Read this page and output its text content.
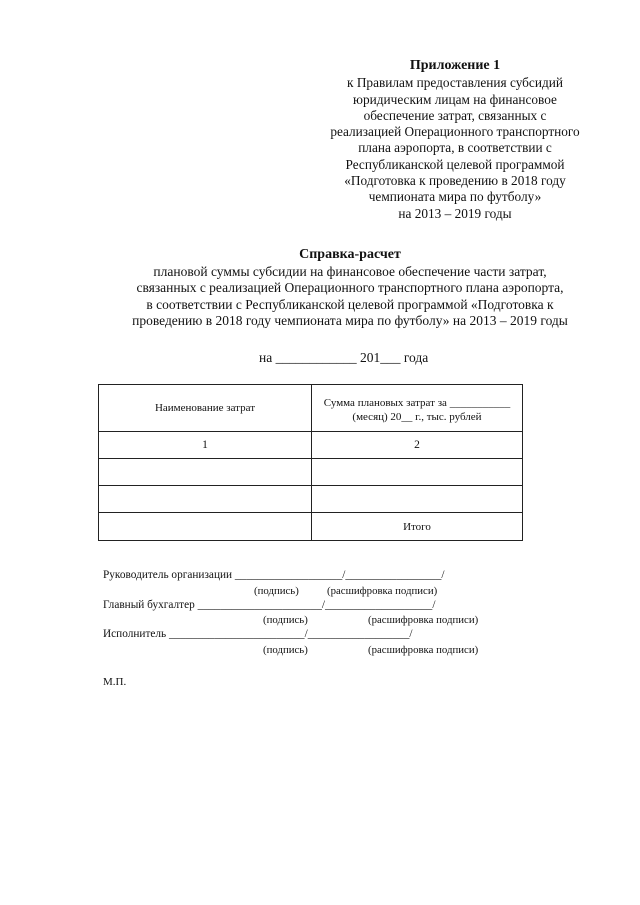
Приложение 1
к Правилам предоставления субсидий
юридическим лицам на финансовое
обеспечение затрат, связанных с
реализацией Операционного транспортного
плана аэропорта, в соответствии с
Республиканской целевой программой
«Подготовка к проведению в 2018 году
чемпионата мира по футболу»
на 2013 – 2019 годы
Справка-расчет
плановой суммы субсидии на финансовое обеспечение части затрат,
связанных с реализацией Операционного транспортного плана аэропорта,
в соответствии с Республиканской целевой программой «Подготовка к
проведению в 2018 году чемпионата мира по футболу» на 2013 – 2019 годы
на ____________ 201___ года
Наименование затрат	Сумма плановых затрат за ___________
(месяц) 20__ г., тыс. рублей

1	2

	Итого
Руководитель организации ___________________/_________________/
(подпись)	(расшифровка подписи)
Главный бухгалтер ______________________/___________________/
(подпись)	(расшифровка подписи)
Исполнитель ________________________/__________________/
(подпись)	(расшифровка подписи)
М.П.
